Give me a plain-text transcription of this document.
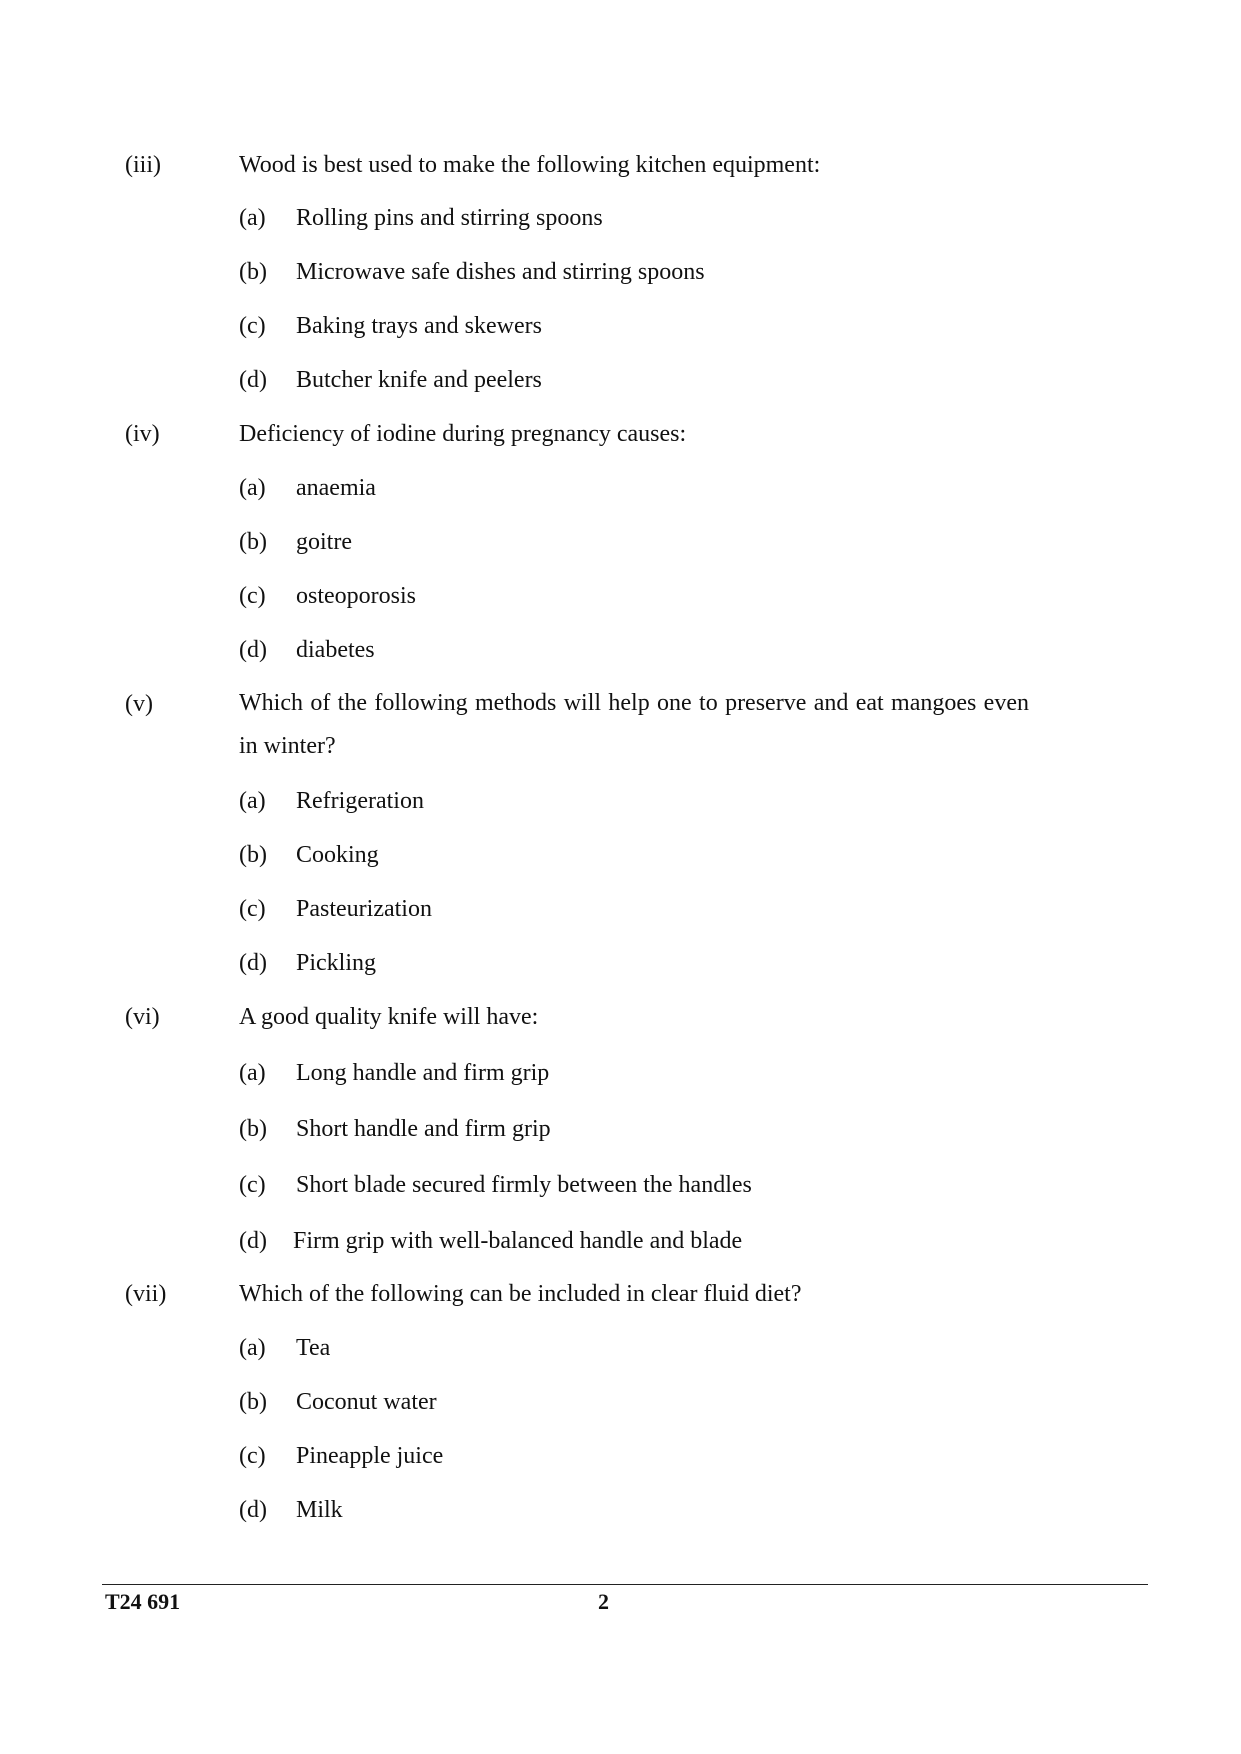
(iii)	Wood is best used to make the following kitchen equipment:
(a) Rolling pins and stirring spoons
(b) Microwave safe dishes and stirring spoons
(c) Baking trays and skewers
(d) Butcher knife and peelers
(iv)	Deficiency of iodine during pregnancy causes:
(a) anaemia
(b) goitre
(c) osteoporosis
(d) diabetes
(v)	Which of the following methods will help one to preserve and eat mangoes even in winter?
(a) Refrigeration
(b) Cooking
(c) Pasteurization
(d) Pickling
(vi)	A good quality knife will have:
(a) Long handle and firm grip
(b) Short handle and firm grip
(c) Short blade secured firmly between the handles
(d) Firm grip with well-balanced handle and blade
(vii)	Which of the following can be included in clear fluid diet?
(a) Tea
(b) Coconut water
(c) Pineapple juice
(d) Milk
T24 691	2
